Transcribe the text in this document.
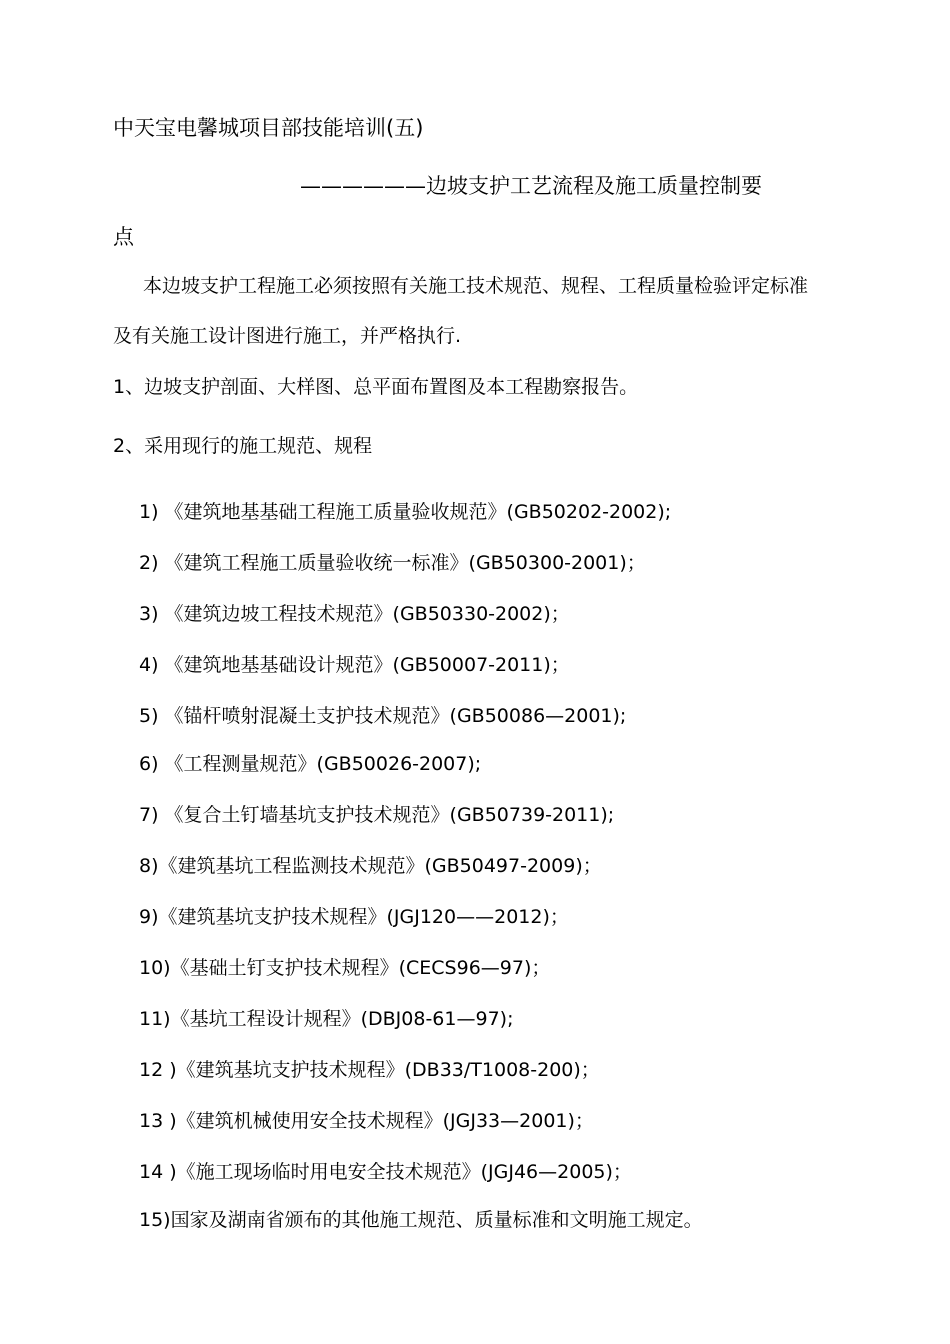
中天宝电馨城项目部技能培训(五)
——————边坡支护工艺流程及施工质量控制要
点
本边坡支护工程施工必须按照有关施工技术规范、规程、工程质量检验评定标准
及有关施工设计图进行施工，并严格执行.
1、边坡支护剖面、大样图、总平面布置图及本工程勘察报告。
2、采用现行的施工规范、规程
1) 《建筑地基基础工程施工质量验收规范》(GB50202-2002);
2) 《建筑工程施工质量验收统一标准》(GB50300-2001)；
3) 《建筑边坡工程技术规范》(GB50330-2002)；
4) 《建筑地基基础设计规范》(GB50007-2011)；
5) 《锚杆喷射混凝土支护技术规范》(GB50086—2001);
6) 《工程测量规范》(GB50026-2007);
7) 《复合土钉墙基坑支护技术规范》(GB50739-2011);
8)《建筑基坑工程监测技术规范》(GB50497-2009)；
9)《建筑基坑支护技术规程》(JGJ120——2012)；
10)《基础土钉支护技术规程》(CECS96—97)；
11)《基坑工程设计规程》(DBJ08-61—97);
12 )《建筑基坑支护技术规程》(DB33/T1008-200)；
13 )《建筑机械使用安全技术规程》(JGJ33—2001)；
14 )《施工现场临时用电安全技术规范》(JGJ46—2005)；
15)国家及湖南省颁布的其他施工规范、质量标准和文明施工规定。
